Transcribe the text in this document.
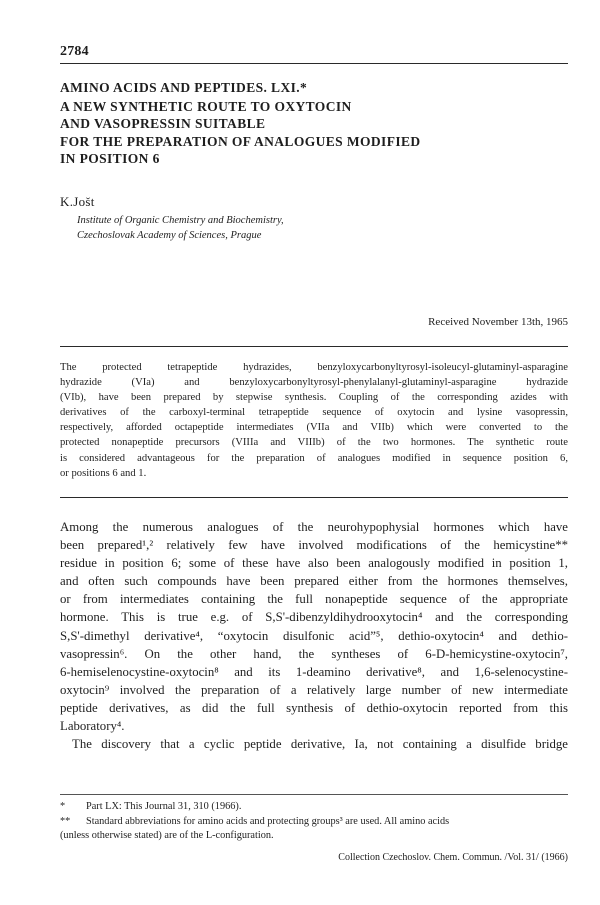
2784
AMINO ACIDS AND PEPTIDES. LXI.*
A NEW SYNTHETIC ROUTE TO OXYTOCIN
AND VASOPRESSIN SUITABLE
FOR THE PREPARATION OF ANALOGUES MODIFIED
IN POSITION 6
K.Jošt
Institute of Organic Chemistry and Biochemistry,
Czechoslovak Academy of Sciences, Prague
Received November 13th, 1965
The protected tetrapeptide hydrazides, benzyloxycarbonyltyrosyl-isoleucyl-glutaminyl-asparagine
hydrazide (VIa) and benzyloxycarbonyltyrosyl-phenylalanyl-glutaminyl-asparagine hydrazide
(VIb), have been prepared by stepwise synthesis. Coupling of the corresponding azides with
derivatives of the carboxyl-terminal tetrapeptide sequence of oxytocin and lysine vasopressin,
respectively, afforded octapeptide intermediates (VIIa and VIIb) which were converted to the
protected nonapeptide precursors (VIIIa and VIIIb) of the two hormones. The synthetic route
is considered advantageous for the preparation of analogues modified in sequence position 6,
or positions 6 and 1.
Among the numerous analogues of the neurohypophysial hormones which have
been prepared¹,² relatively few have involved modifications of the hemicystine**
residue in position 6; some of these have also been analogously modified in position 1,
and often such compounds have been prepared either from the hormones themselves,
or from intermediates containing the full nonapeptide sequence of the appropriate
hormone. This is true e.g. of S,S'-dibenzyldihydrooxytocin⁴ and the corresponding
S,S'-dimethyl derivative⁴, “oxytocin disulfonic acid”⁵, dethio-oxytocin⁴ and dethio-
vasopressin⁶. On the other hand, the syntheses of 6-D-hemicystine-oxytocin⁷,
6-hemiselenocystine-oxytocin⁸ and its 1-deamino derivative⁸, and 1,6-selenocystine-
oxytocin⁹ involved the preparation of a relatively large number of new intermediate
peptide derivatives, as did the full synthesis of dethio-oxytocin reported from this
Laboratory⁴.
The discovery that a cyclic peptide derivative, Ia, not containing a disulfide bridge
* Part LX: This Journal 31, 310 (1966).
** Standard abbreviations for amino acids and protecting groups³ are used. All amino acids
(unless otherwise stated) are of the L-configuration.
Collection Czechoslov. Chem. Commun. /Vol. 31/ (1966)
